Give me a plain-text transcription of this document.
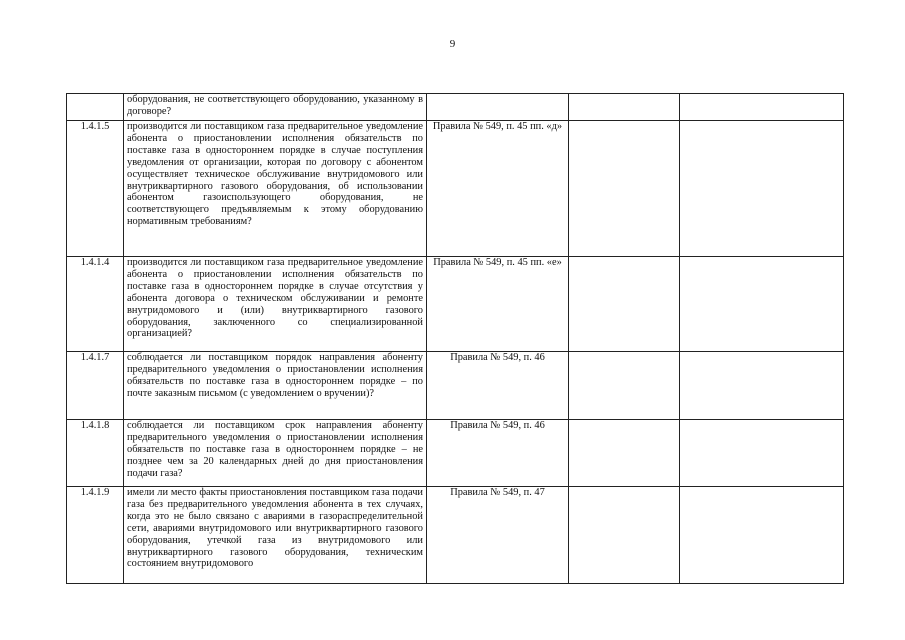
9
	оборудования, не соответствующего оборудованию, указанному в договоре?			
1.4.1.5	производится ли поставщиком газа предварительное уведомление абонента о приостановлении исполнения обязательств по поставке газа в одностороннем порядке в случае поступления уведомления от организации, которая по договору с абонентом осуществляет техническое обслуживание внутридомового или внутриквартирного газового оборудования, об использовании абонентом газоиспользующего оборудования, не соответствующего предъявляемым к этому оборудованию нормативным требованиям?	Правила № 549, п. 45 пп. «д»		
1.4.1.4	производится ли поставщиком газа предварительное уведомление абонента о приостановлении исполнения обязательств по поставке газа в одностороннем порядке в случае отсутствия у абонента договора о техническом обслуживании и ремонте внутридомового и (или) внутриквартирного газового оборудования, заключенного со специализированной организацией?	Правила № 549, п. 45 пп. «е»		
1.4.1.7	соблюдается ли поставщиком порядок направления абоненту предварительного уведомления о приостановлении исполнения обязательств по поставке газа в одностороннем порядке – по почте заказным письмом (с уведомлением о вручении)?	Правила № 549, п. 46		
1.4.1.8	соблюдается ли поставщиком срок направления абоненту предварительного уведомления о приостановлении исполнения обязательств по поставке газа в одностороннем порядке – не позднее чем за 20 календарных дней до дня приостановления подачи газа?	Правила № 549, п. 46		
1.4.1.9	имели ли место факты приостановления поставщиком газа подачи газа без предварительного уведомления абонента в тех случаях, когда это не было связано с авариями в газораспределительной сети, авариями внутридомового или внутриквартирного газового оборудования, утечкой газа из внутридомового или внутриквартирного газового оборудования, техническим состоянием внутридомового	Правила № 549, п. 47		
